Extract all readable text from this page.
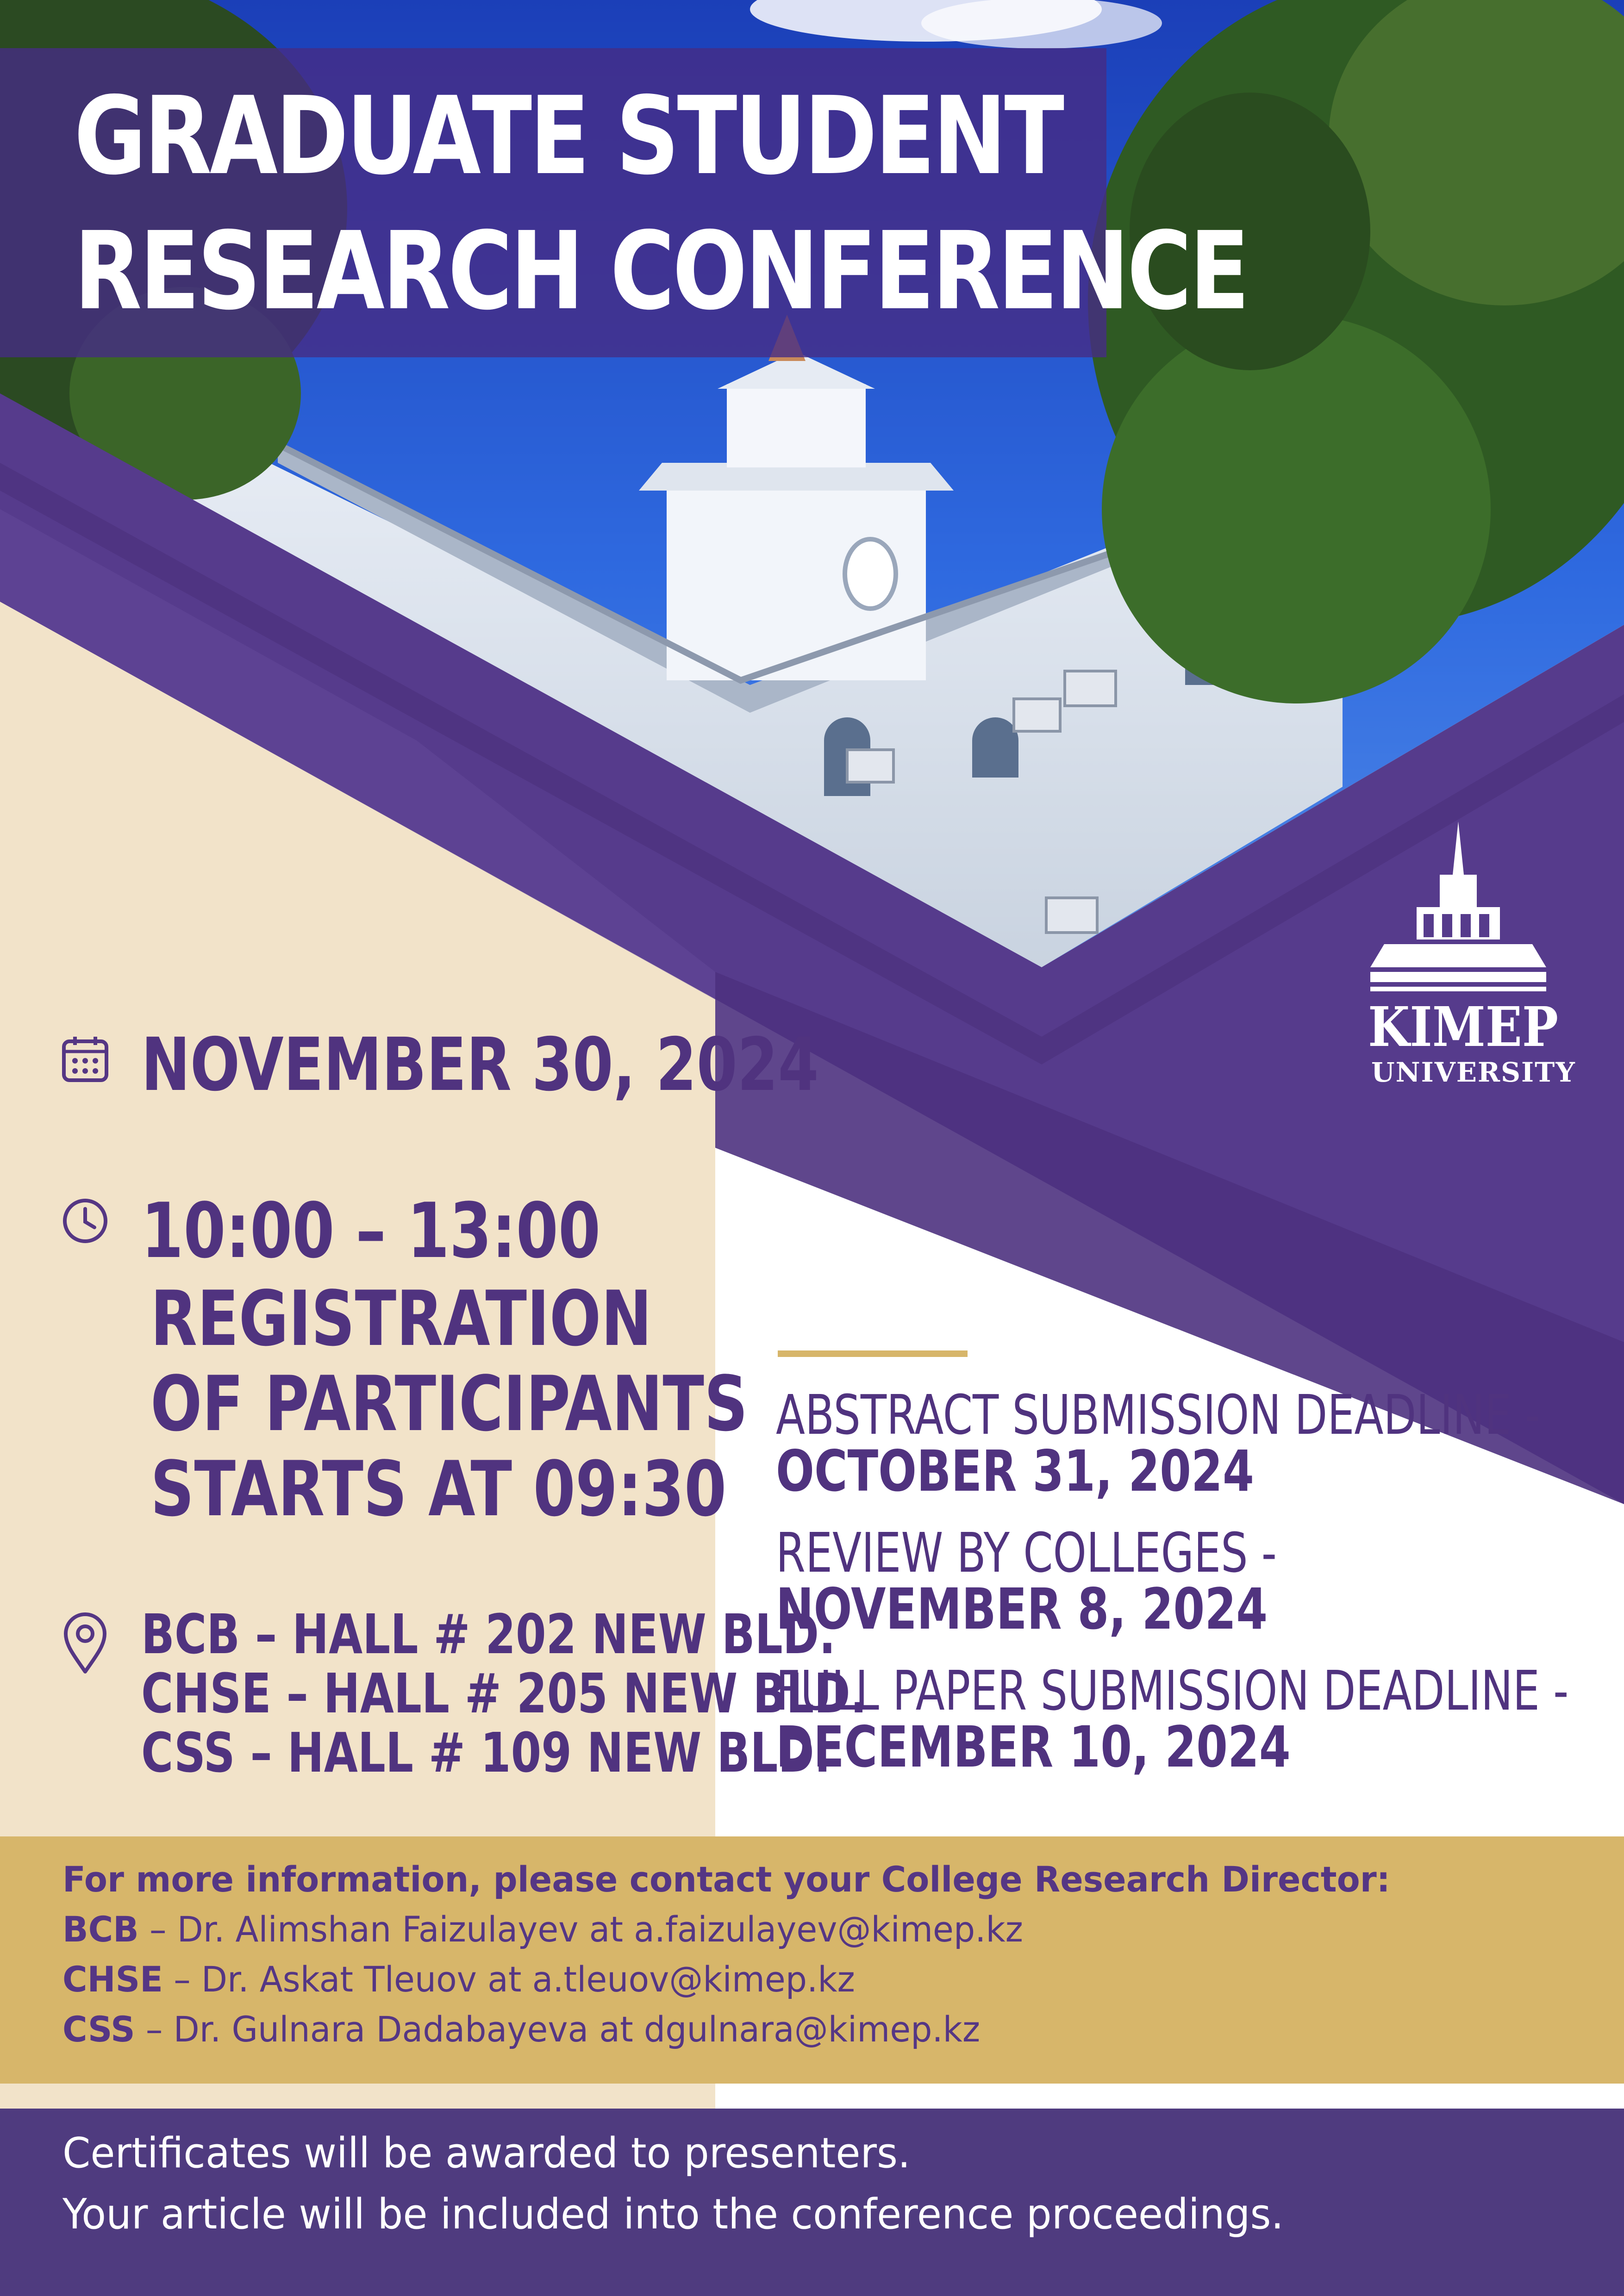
GRADUATE STUDENT
RESEARCH CONFERENCE
KIMEP
UNIVERSITY
NOVEMBER 30, 2024
10:00 – 13:00
REGISTRATION
OF PARTICIPANTS
STARTS AT 09:30
BCB – HALL # 202 NEW BLD.
CHSE – HALL # 205 NEW BLD.
CSS – HALL # 109 NEW BLD.
ABSTRACT SUBMISSION DEADLINE -
OCTOBER 31, 2024
REVIEW BY COLLEGES -
NOVEMBER 8, 2024
FULL PAPER SUBMISSION DEADLINE -
DECEMBER 10, 2024
For more information, please contact your College Research Director:
BCB – Dr. Alimshan Faizulayev at a.faizulayev@kimep.kz
CHSE – Dr. Askat Tleuov at a.tleuov@kimep.kz
CSS – Dr. Gulnara Dadabayeva at dgulnara@kimep.kz
Certificates will be awarded to presenters.
Your article will be included into the conference proceedings.
